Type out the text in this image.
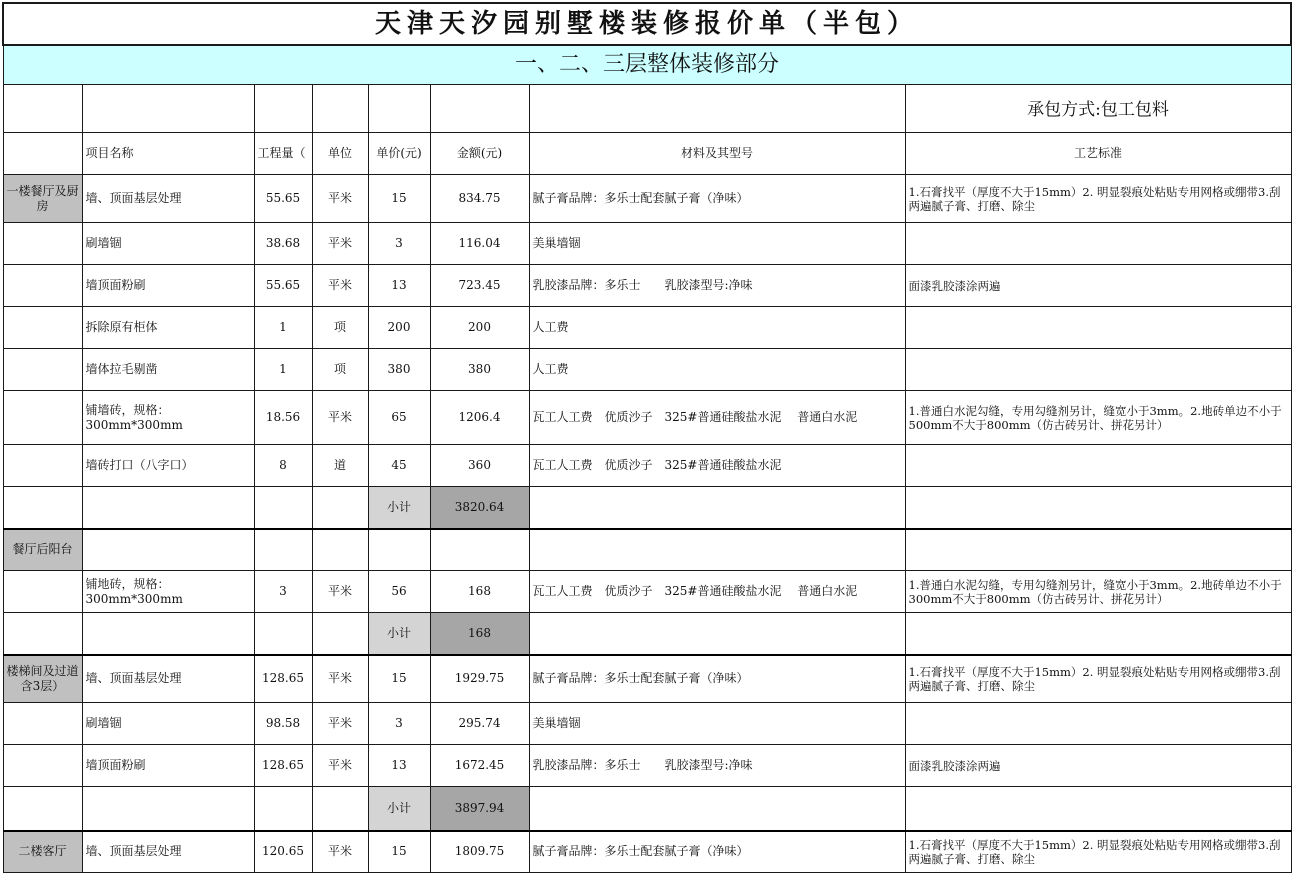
天津天汐园别墅楼装修报价单（半包）							
一、二、三层整体装修部分							
							承包方式:包工包料
	项目名称	工程量（	单位	单价(元)	金额(元)	材料及其型号	工艺标准
一楼餐厅及厨房	墙、顶面基层处理	55.65	平米	15	834.75	腻子膏品牌：多乐士配套腻子膏（净味）	1.石膏找平（厚度不大于15mm）2. 明显裂痕处粘贴专用网格或绷带3.刮两遍腻子膏、打磨、除尘
	刷墙锢	38.68	平米	3	116.04	美巢墙锢	
	墙顶面粉刷	55.65	平米	13	723.45	乳胶漆品牌：多乐士　　乳胶漆型号:净味	面漆乳胶漆涂两遍
	拆除原有柜体	1	项	200	200	人工费	
	墙体拉毛剔凿	1	项	380	380	人工费	
	铺墙砖，规格：300mm*300mm	18.56	平米	65	1206.4	瓦工人工费　优质沙子　325#普通硅酸盐水泥　 普通白水泥	1.普通白水泥勾缝，专用勾缝剂另计，缝宽小于3mm。2.地砖单边不小于500mm不大于800mm（仿古砖另计、拼花另计）
	墙砖打口（八字口）	8	道	45	360	瓦工人工费　优质沙子　325#普通硅酸盐水泥	
				小计	3820.64		
餐厅后阳台							
	铺地砖，规格：300mm*300mm	3	平米	56	168	瓦工人工费　优质沙子　325#普通硅酸盐水泥　 普通白水泥	1.普通白水泥勾缝，专用勾缝剂另计，缝宽小于3mm。2.地砖单边不小于300mm不大于800mm（仿古砖另计、拼花另计）
				小计	168		
楼梯间及过道含3层）	墙、顶面基层处理	128.65	平米	15	1929.75	腻子膏品牌：多乐士配套腻子膏（净味）	1.石膏找平（厚度不大于15mm）2. 明显裂痕处粘贴专用网格或绷带3.刮两遍腻子膏、打磨、除尘
	刷墙锢	98.58	平米	3	295.74	美巢墙锢	
	墙顶面粉刷	128.65	平米	13	1672.45	乳胶漆品牌：多乐士　　乳胶漆型号:净味	面漆乳胶漆涂两遍
				小计	3897.94		
二楼客厅	墙、顶面基层处理	120.65	平米	15	1809.75	腻子膏品牌：多乐士配套腻子膏（净味）	1.石膏找平（厚度不大于15mm）2. 明显裂痕处粘贴专用网格或绷带3.刮两遍腻子膏、打磨、除尘
